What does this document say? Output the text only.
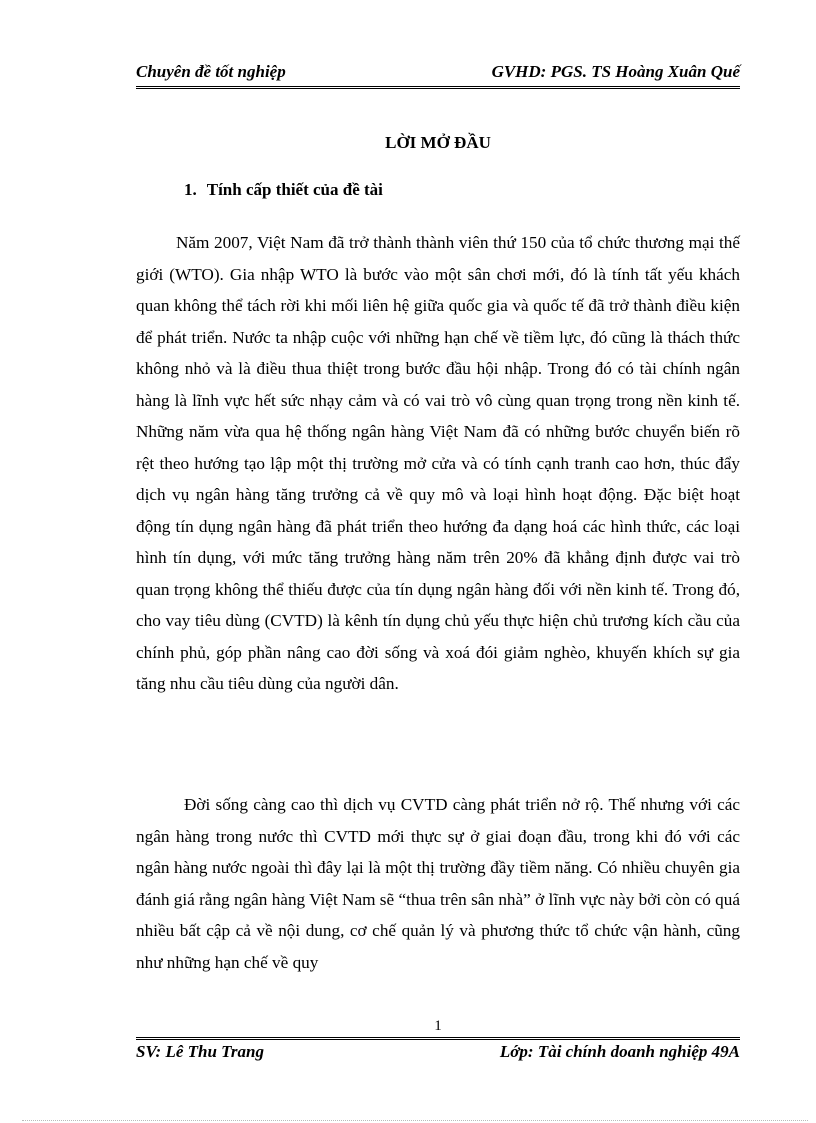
Chuyên đề tốt nghiệp	GVHD: PGS. TS Hoàng Xuân Quế
LỜI MỞ ĐẦU
1. Tính cấp thiết của đề tài

Năm 2007, Việt Nam đã trở thành thành viên thứ 150 của tổ chức thương mại thế giới (WTO). Gia nhập WTO là bước vào một sân chơi mới, đó là tính tất yếu khách quan không thể tách rời khi mối liên hệ giữa quốc gia và quốc tế đã trở thành điều kiện để phát triển. Nước ta nhập cuộc với những hạn chế về tiềm lực, đó cũng là thách thức không nhỏ và là điều thua thiệt trong bước đầu hội nhập. Trong đó có tài chính ngân hàng là lĩnh vực hết sức nhạy cảm và có vai trò vô cùng quan trọng trong nền kinh tế. Những năm vừa qua hệ thống ngân hàng Việt Nam đã có những bước chuyển biến rõ rệt theo hướng tạo lập một thị trường mở cửa và có tính cạnh tranh cao hơn, thúc đẩy dịch vụ ngân hàng tăng trưởng cả về quy mô và loại hình hoạt động. Đặc biệt hoạt động tín dụng ngân hàng đã phát triển theo hướng đa dạng hoá các hình thức, các loại hình tín dụng, với mức tăng trưởng hàng năm trên 20% đã khẳng định được vai trò quan trọng không thể thiếu được của tín dụng ngân hàng đối với nền kinh tế. Trong đó, cho vay tiêu dùng (CVTD) là kênh tín dụng chủ yếu thực hiện chủ trương kích cầu của chính phủ, góp phần nâng cao đời sống và xoá đói giảm nghèo, khuyến khích sự gia tăng nhu cầu tiêu dùng của người dân.

Đời sống càng cao thì dịch vụ CVTD càng phát triển nở rộ. Thế nhưng với các ngân hàng trong nước thì CVTD mới thực sự ở giai đoạn đầu, trong khi đó với các ngân hàng nước ngoài thì đây lại là một thị trường đầy tiềm năng. Có nhiều chuyên gia đánh giá rằng ngân hàng Việt Nam sẽ “thua trên sân nhà” ở lĩnh vực này bởi còn có quá nhiều bất cập cả về nội dung, cơ chế quản lý và phương thức tổ chức vận hành, cũng như những hạn chế về quy

1
SV: Lê Thu Trang	Lớp: Tài chính doanh nghiệp 49A
